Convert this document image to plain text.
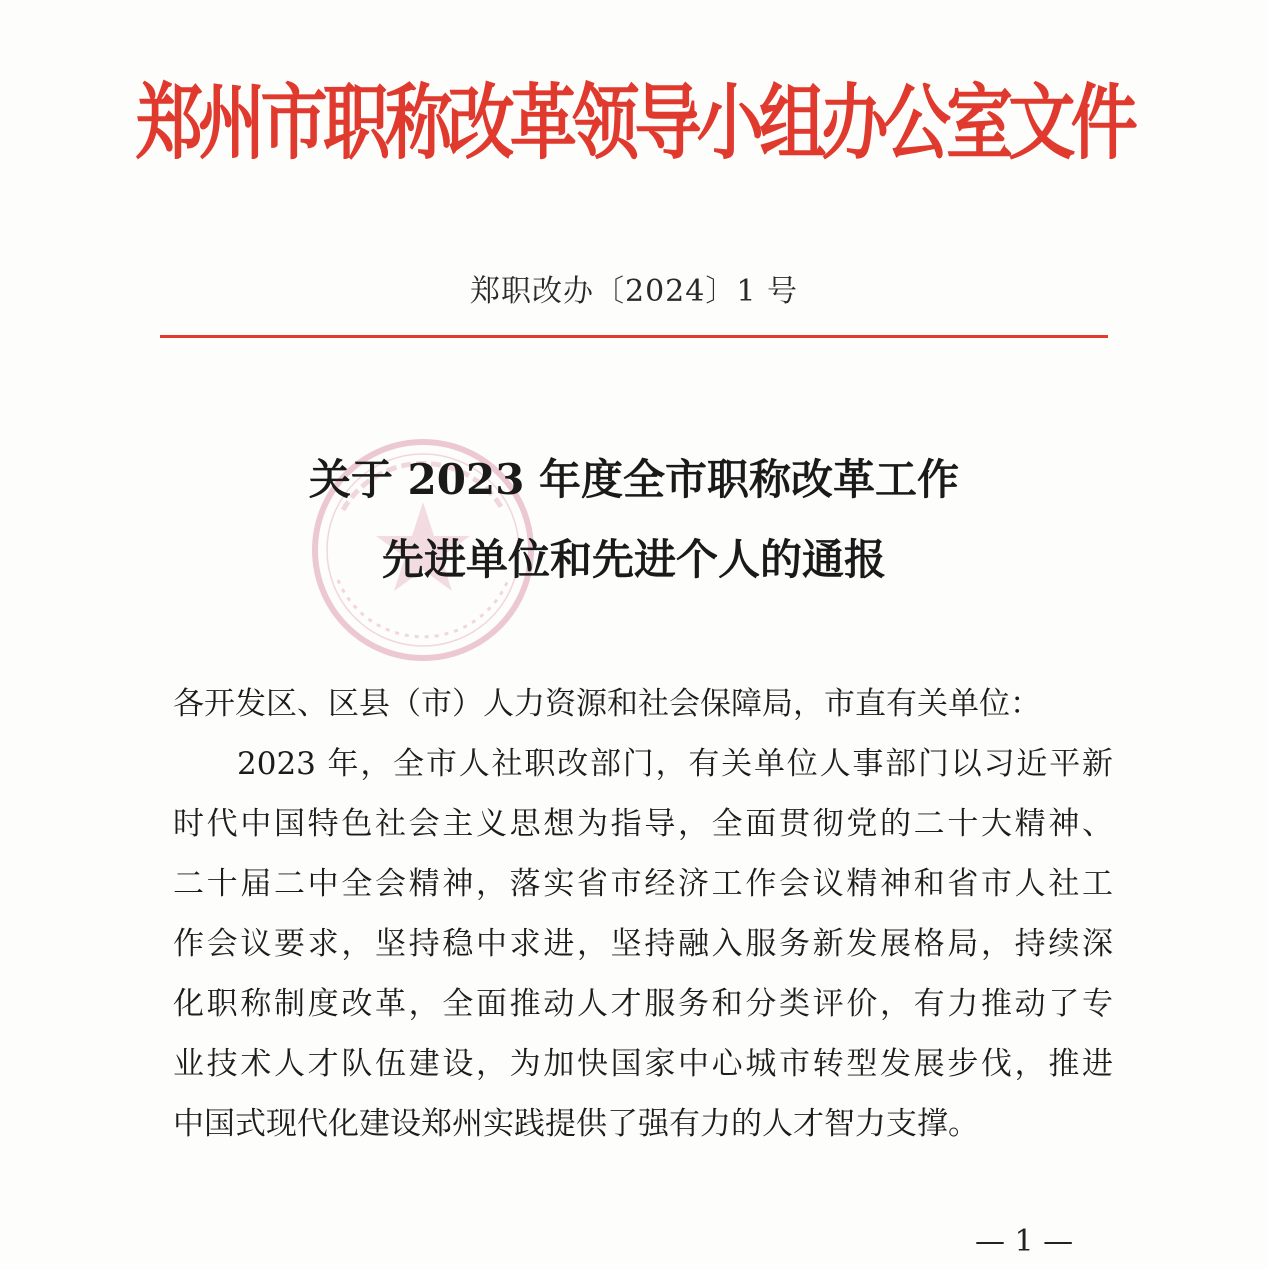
郑州市职称改革领导小组办公室文件
郑职改办〔2024〕1 号
关于 2023 年度全市职称改革工作
先进单位和先进个人的通报
各开发区、区县（市）人力资源和社会保障局，市直有关单位：
2023 年，全市人社职改部门，有关单位人事部门以习近平新
时代中国特色社会主义思想为指导，全面贯彻党的二十大精神、
二十届二中全会精神，落实省市经济工作会议精神和省市人社工
作会议要求，坚持稳中求进，坚持融入服务新发展格局，持续深
化职称制度改革，全面推动人才服务和分类评价，有力推动了专
业技术人才队伍建设，为加快国家中心城市转型发展步伐，推进
中国式现代化建设郑州实践提供了强有力的人才智力支撑。
— 1 —
